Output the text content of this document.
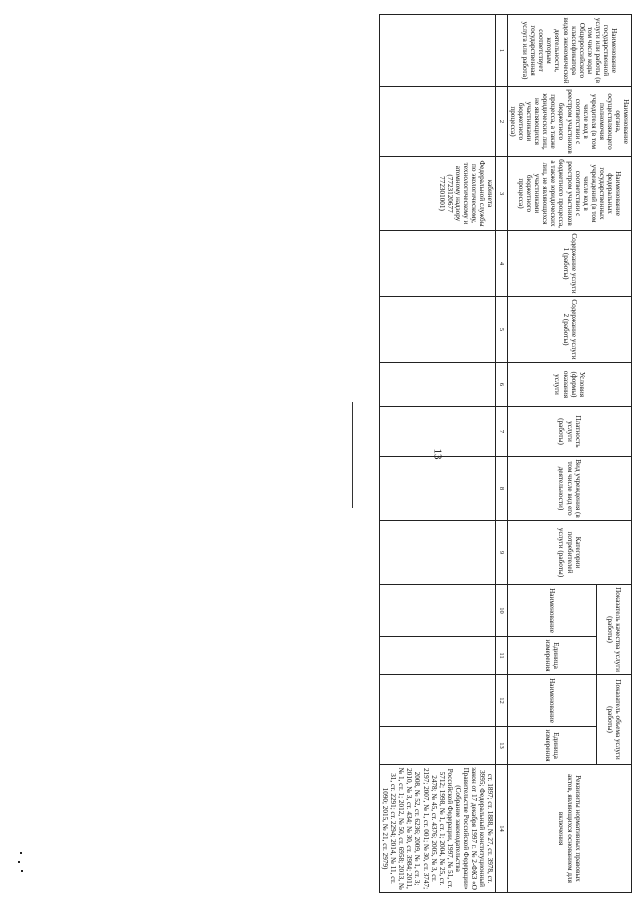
13
Наименование государственной услуги или работы (в том числе коды Общероссийского классификатора видов экономической деятельности, которым соответствует государственная услуга или работа)	Наименование органа, осуществляющего полномочия учредителя (в том числе код в соответствии с реестром участников бюджетного процесса, а также юридических лиц, не являющихся участниками бюджетного процесса)	Наименование федеральных государственных учреждений (в том числе код в соответствии с реестром участников бюджетного процесса, а также юридических лиц, не являющихся участниками бюджетного процесса)	Содержание услуги 1 (работы)	Содержание услуги 2 (работы)	Условия (формы) оказания услуги	Платность услуги (работы)	Вид учреждения (в том числе вид его деятельности)	Категории потребителей услуги (работы)	Показатель качества услуги (работы)		Показатель объема услуги (работы)		Реквизиты нормативных правовых актов, являющихся основанием для включения
									Наименование	Единица измерения	Наименование	Единица измерения	
1	2	3	4	5	6	7	8	9	10	11	12	13	14
		кабинета Федеральной службы по экологическому, технологическому и атомному надзору (7723120677 772301001)											ст. 1897; ст. 1888, № 27, ст. 3978, ст. 3995; Федеральный конституционный закон от 17 декабря 1997 г. № 2-ФКЗ «О Правительстве Российской Федерации» (Собрание законодательства Российской Федерации, 1997, № 51, ст. 5712; 1998, № 1, ст. 1; 2004, № 25, ст. 2478; № 45, ст. 4376; 2005, № 3, ст. 2197; 2007, № 1, ст. 001; № 30, ст. 3747; 2008, № 52, ст. 6236; 2009, № 1, ст. 3; 2010, № 3, ст. 434; № 30, ст. 3984; 2011, № 1, ст. 1; 2012, № 50, ст. 6958; 2013, № 31, ст. 2291; ст. 2294; 2014, № 11, ст. 1090; 2015, № 21, ст. 2979)
